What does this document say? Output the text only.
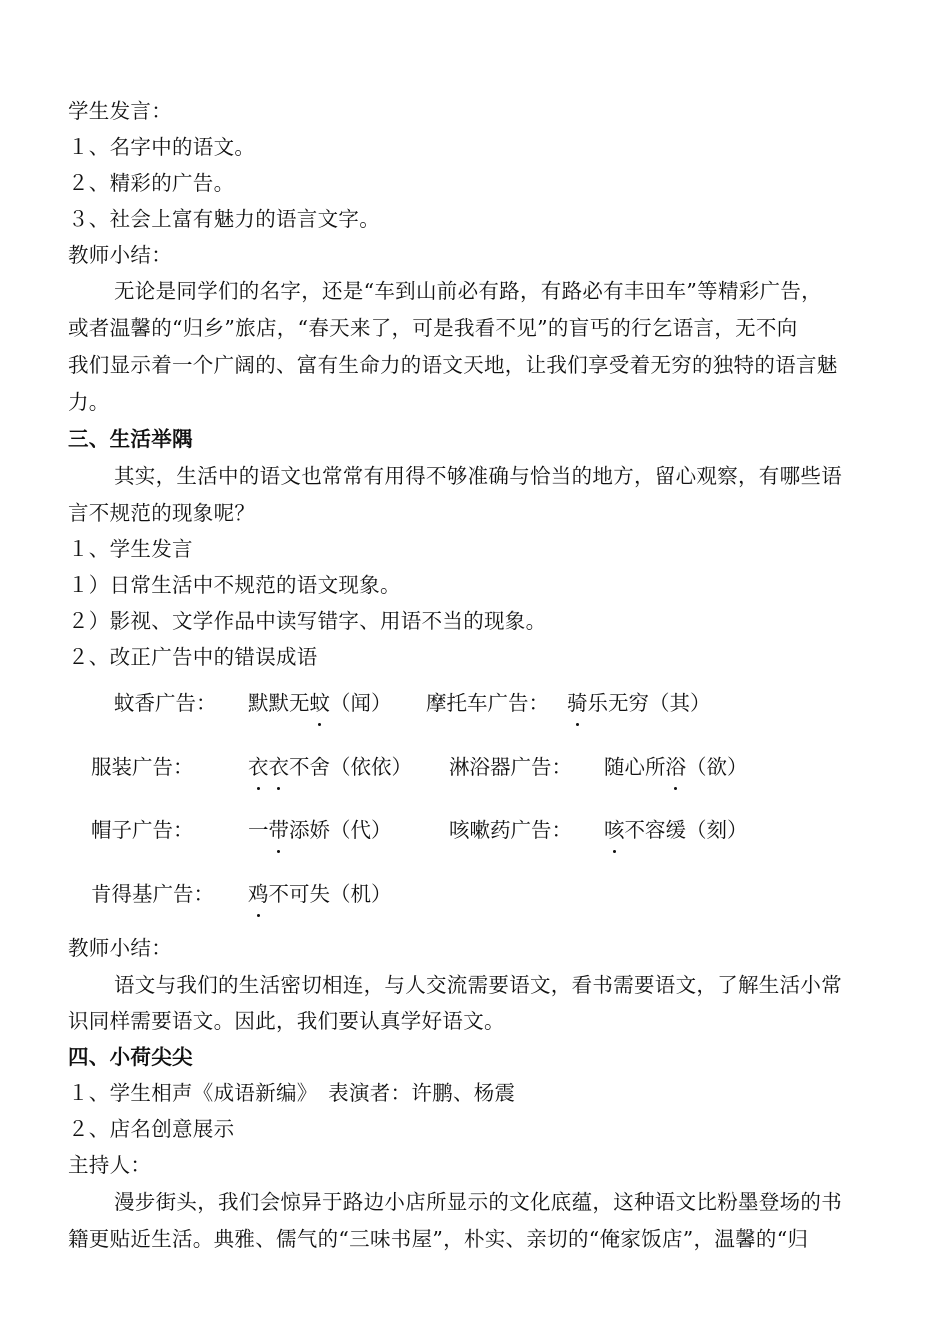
学生发言：
１、名字中的语文。
２、精彩的广告。
３、社会上富有魅力的语言文字。
教师小结：
无论是同学们的名字，还是“车到山前必有路，有路必有丰田车”等精彩广告，
或者温馨的“归乡”旅店，“春天来了，可是我看不见”的盲丐的行乞语言，无不向
我们显示着一个广阔的、富有生命力的语文天地，让我们享受着无穷的独特的语言魅
力。
三、生活举隅
其实，生活中的语文也常常有用得不够准确与恰当的地方，留心观察，有哪些语
言不规范的现象呢？
１、学生发言
１）日常生活中不规范的语文现象。
２）影视、文学作品中读写错字、用语不当的现象。
２、改正广告中的错误成语
蚊香广告： 默默无蚊（闻） 摩托车广告： 骑乐无穷（其）
服装广告：	衣衣不舍（依依） 淋浴器广告： 随心所浴（欲）
帽子广告：	一带添娇（代）	咳嗽药广告： 咳不容缓（刻）
肯得基广告： 鸡不可失（机）
教师小结：
语文与我们的生活密切相连，与人交流需要语文，看书需要语文，了解生活小常
识同样需要语文。因此，我们要认真学好语文。
四、小荷尖尖
１、学生相声《成语新编》　表演者：许鹏、杨震
２、店名创意展示
主持人：
漫步街头，我们会惊异于路边小店所显示的文化底蕴，这种语文比粉墨登场的书
籍更贴近生活。典雅、儒气的“三味书屋”，朴实、亲切的“俺家饭店”，温馨的“归
